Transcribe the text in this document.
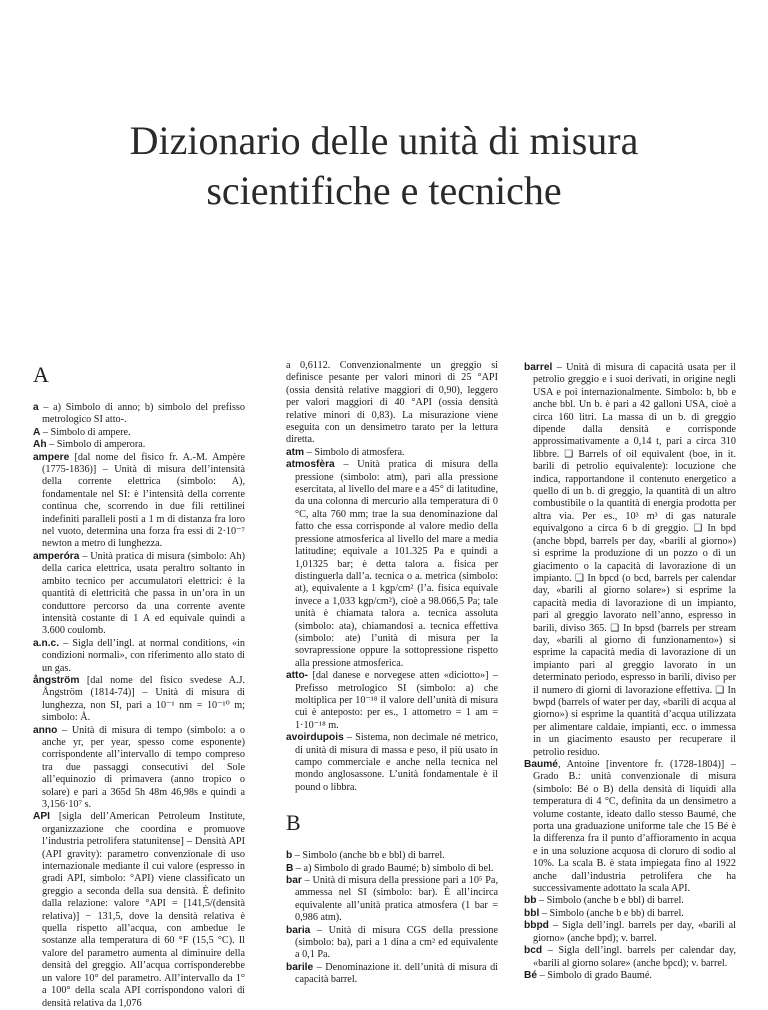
Dizionario delle unità di misura
scientifiche e tecniche
A

a – a) Simbolo di anno; b) simbolo del prefisso metrologico SI atto-.

A – Simbolo di ampere.

Ah – Simbolo di amperora.

ampere [dal nome del fisico fr. A.-M. Ampère (1775-1836)] – Unità di misura dell’intensità della corrente elettrica (simbolo: A), fondamentale nel SI: è l’intensità della corrente continua che, scorrendo in due fili rettilinei indefiniti paralleli posti a 1 m di distanza fra loro nel vuoto, determina una forza fra essi di 2·10⁻⁷ newton a metro di lunghezza.

amperóra – Unità pratica di misura (simbolo: Ah) della carica elettrica, usata peraltro soltanto in ambito tecnico per accumulatori elettrici: è la quantità di elettricità che passa in un’ora in un conduttore percorso da una corrente avente intensità costante di 1 A ed equivale quindi a 3.600 coulomb.

a.n.c. – Sigla dell’ingl. at normal conditions, «in condizioni normali», con riferimento allo stato di un gas.

ångström [dal nome del fisico svedese A.J. Ångström (1814-74)] – Unità di misura di lunghezza, non SI, pari a 10⁻¹ nm = 10⁻¹⁰ m; simbolo: Å.

anno – Unità di misura di tempo (simbolo: a o anche yr, per year, spesso come esponente) corrispondente all’intervallo di tempo compreso tra due passaggi consecutivi del Sole all’equinozio di primavera (anno tropico o solare) e pari a 365d 5h 48m 46,98s e quindi a 3,156·10⁷ s.

API [sigla dell’American Petroleum Institute, organizzazione che coordina e promuove l’industria petrolifera statunitense] – Densità API (API gravity): parametro convenzionale di uso internazionale mediante il cui valore (espresso in gradi API, simbolo: °API) viene classificato un greggio a seconda della sua densità. È definito dalla relazione: valore °API = [141,5/(densità relativa)] − 131,5, dove la densità relativa è quella rispetto all’acqua, con ambedue le sostanze alla temperatura di 60 °F (15,5 °C). Il valore del parametro aumenta al diminuire della densità del greggio. All’acqua corrisponderebbe un valore 10° del parametro. All’intervallo da 1° a 100° della scala API corrispondono valori di densità relativa da 1,076

a 0,6112. Convenzionalmente un greggio si definisce pesante per valori minori di 25 °API (ossia densità relative maggiori di 0,90), leggero per valori maggiori di 40 °API (ossia densità relative minori di 0,83). La misurazione viene eseguita con un densimetro tarato per la lettura diretta.

atm – Simbolo di atmosfera.

atmosfèra – Unità pratica di misura della pressione (simbolo: atm), pari alla pressione esercitata, al livello del mare e a 45° di latitudine, da una colonna di mercurio alla temperatura di 0 °C, alta 760 mm; trae la sua denominazione dal fatto che essa corrisponde al valore medio della pressione atmosferica al livello del mare a media latitudine; equivale a 101.325 Pa e quindi a 1,01325 bar; è detta talora a. fisica per distinguerla dall’a. tecnica o a. metrica (simbolo: at), equivalente a 1 kgp/cm² (l’a. fisica equivale invece a 1,033 kgp/cm²), cioè a 98.066,5 Pa; tale unità è chiamata talora a. tecnica assoluta (simbolo: ata), chiamandosi a. tecnica effettiva (simbolo: ate) l’unità di misura per la sovrapressione oppure la sottopressione rispetto alla pressione atmosferica.

atto- [dal danese e norvegese atten «diciotto»] – Prefisso metrologico SI (simbolo: a) che moltiplica per 10⁻¹⁸ il valore dell’unità di misura cui è anteposto: per es., 1 attometro = 1 am = 1·10⁻¹⁸ m.

avoirdupois – Sistema, non decimale né metrico, di unità di misura di massa e peso, il più usato in campo commerciale e anche nella tecnica nel mondo anglosassone. L’unità fondamentale è il pound o libbra.

B

b – Simbolo (anche bb e bbl) di barrel.

B – a) Simbolo di grado Baumé; b) simbolo di bel.

bar – Unità di misura della pressione pari a 10⁵ Pa, ammessa nel SI (simbolo: bar). È all’incirca equivalente all’unità pratica atmosfera (1 bar = 0,986 atm).

baria – Unità di misura CGS della pressione (simbolo: ba), pari a 1 dina a cm² ed equivalente a 0,1 Pa.

barile – Denominazione it. dell’unità di misura di capacità barrel.

barrel – Unità di misura di capacità usata per il petrolio greggio e i suoi derivati, in origine negli USA e poi internazionalmente. Simbolo: b, bb e anche bbl. Un b. è pari a 42 galloni USA, cioè a circa 160 litri. La massa di un b. di greggio dipende dalla densità e corrisponde approssimativamente a 0,14 t, pari a circa 310 libbre. ❑ Barrels of oil equivalent (boe, in it. barili di petrolio equivalente): locuzione che indica, rapportandone il contenuto energetico a quello di un b. di greggio, la quantità di un altro combustibile o la quantità di energia prodotta per altra via. Per es., 10³ m³ di gas naturale equivalgono a circa 6 b di greggio. ❑ In bpd (anche bbpd, barrels per day, «barili al giorno») si esprime la produzione di un pozzo o di un giacimento o la capacità di lavorazione di un impianto. ❑ In bpcd (o bcd, barrels per calendar day, «barili al giorno solare») si esprime la capacità media di lavorazione di un impianto, pari al greggio lavorato nell’anno, espresso in barili, diviso 365. ❑ In bpsd (barrels per stream day, «barili al giorno di funzionamento») si esprime la capacità media di lavorazione di un impianto pari al greggio lavorato in un determinato periodo, espresso in barili, diviso per il numero di giorni di lavorazione effettiva. ❑ In bwpd (barrels of water per day, «barili di acqua al giorno») si esprime la quantità d’acqua utilizzata per alimentare caldaie, impianti, ecc. o immessa in un giacimento esausto per recuperare il petrolio residuo.

Baumé, Antoine [inventore fr. (1728-1804)] – Grado B.: unità convenzionale di misura (simbolo: Bé o B) della densità di liquidi alla temperatura di 4 °C, definita da un densimetro a volume costante, ideato dallo stesso Baumé, che porta una graduazione uniforme tale che 15 Bé è la differenza fra il punto d’affioramento in acqua e in una soluzione acquosa di cloruro di sodio al 10%. La scala B. è stata impiegata fino al 1922 anche dall’industria petrolifera che ha successivamente adottato la scala API.

bb – Simbolo (anche b e bbl) di barrel.

bbl – Simbolo (anche b e bb) di barrel.

bbpd – Sigla dell’ingl. barrels per day, «barili al giorno» (anche bpd); v. barrel.

bcd – Sigla dell’ingl. barrels per calendar day, «barili al giorno solare» (anche bpcd); v. barrel.

Bé – Simbolo di grado Baumé.
